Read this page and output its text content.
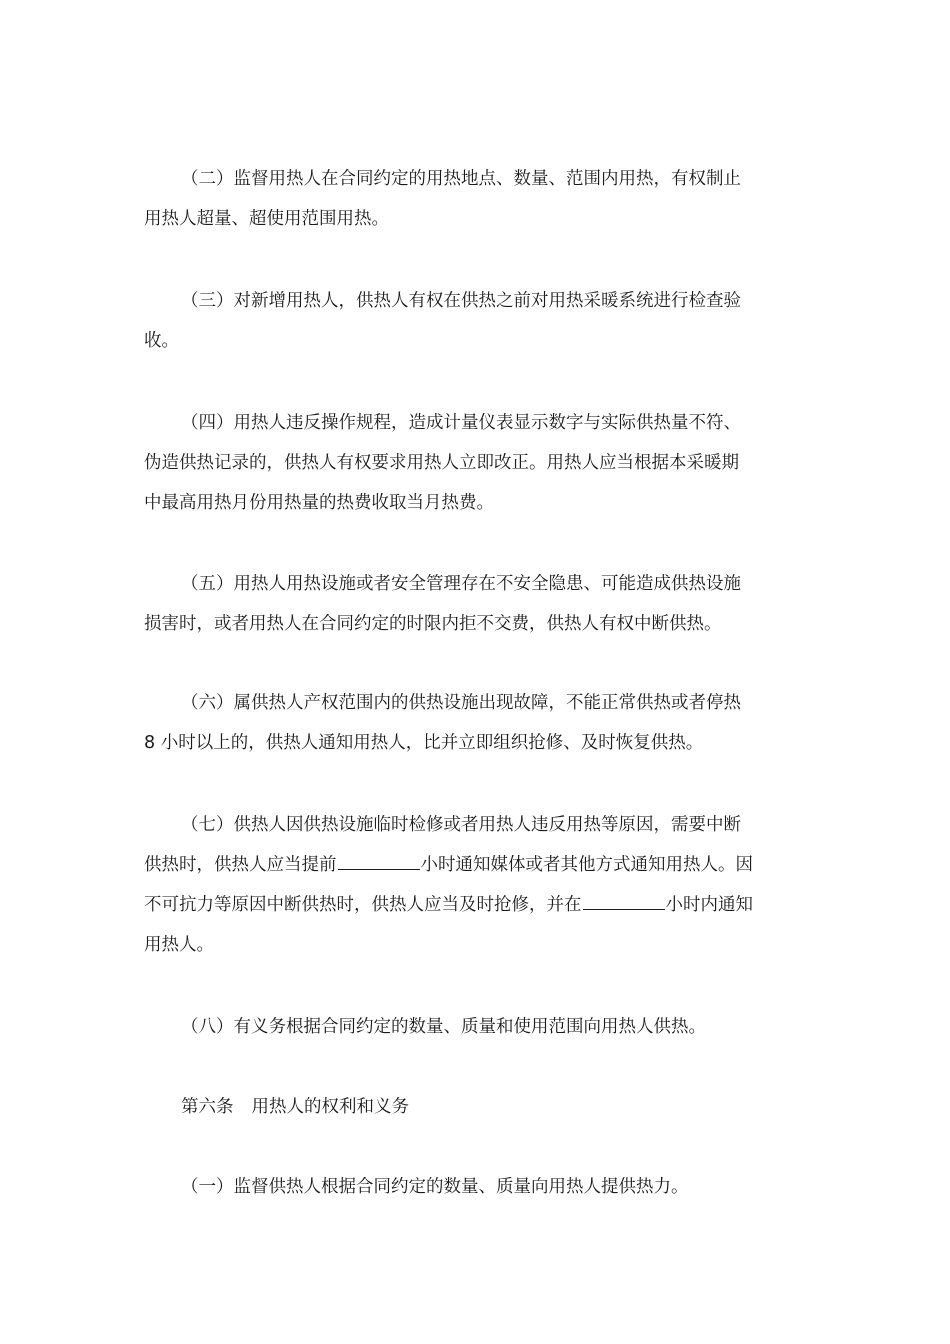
（二）监督用热人在合同约定的用热地点、数量、范围内用热，有权制止
用热人超量、超使用范围用热。

（三）对新增用热人，供热人有权在供热之前对用热采暖系统进行检查验
收。

（四）用热人违反操作规程，造成计量仪表显示数字与实际供热量不符、
伪造供热记录的，供热人有权要求用热人立即改正。用热人应当根据本采暖期
中最高用热月份用热量的热费收取当月热费。

（五）用热人用热设施或者安全管理存在不安全隐患、可能造成供热设施
损害时，或者用热人在合同约定的时限内拒不交费，供热人有权中断供热。

（六）属供热人产权范围内的供热设施出现故障，不能正常供热或者停热
8 小时以上的，供热人通知用热人，比并立即组织抢修、及时恢复供热。

（七）供热人因供热设施临时检修或者用热人违反用热等原因，需要中断
供热时，供热人应当提前	小时通知媒体或者其他方式通知用热人。因
不可抗力等原因中断供热时，供热人应当及时抢修，并在	小时内通知
用热人。

（八）有义务根据合同约定的数量、质量和使用范围向用热人供热。

第六条 用热人的权利和义务

（一）监督供热人根据合同约定的数量、质量向用热人提供热力。
